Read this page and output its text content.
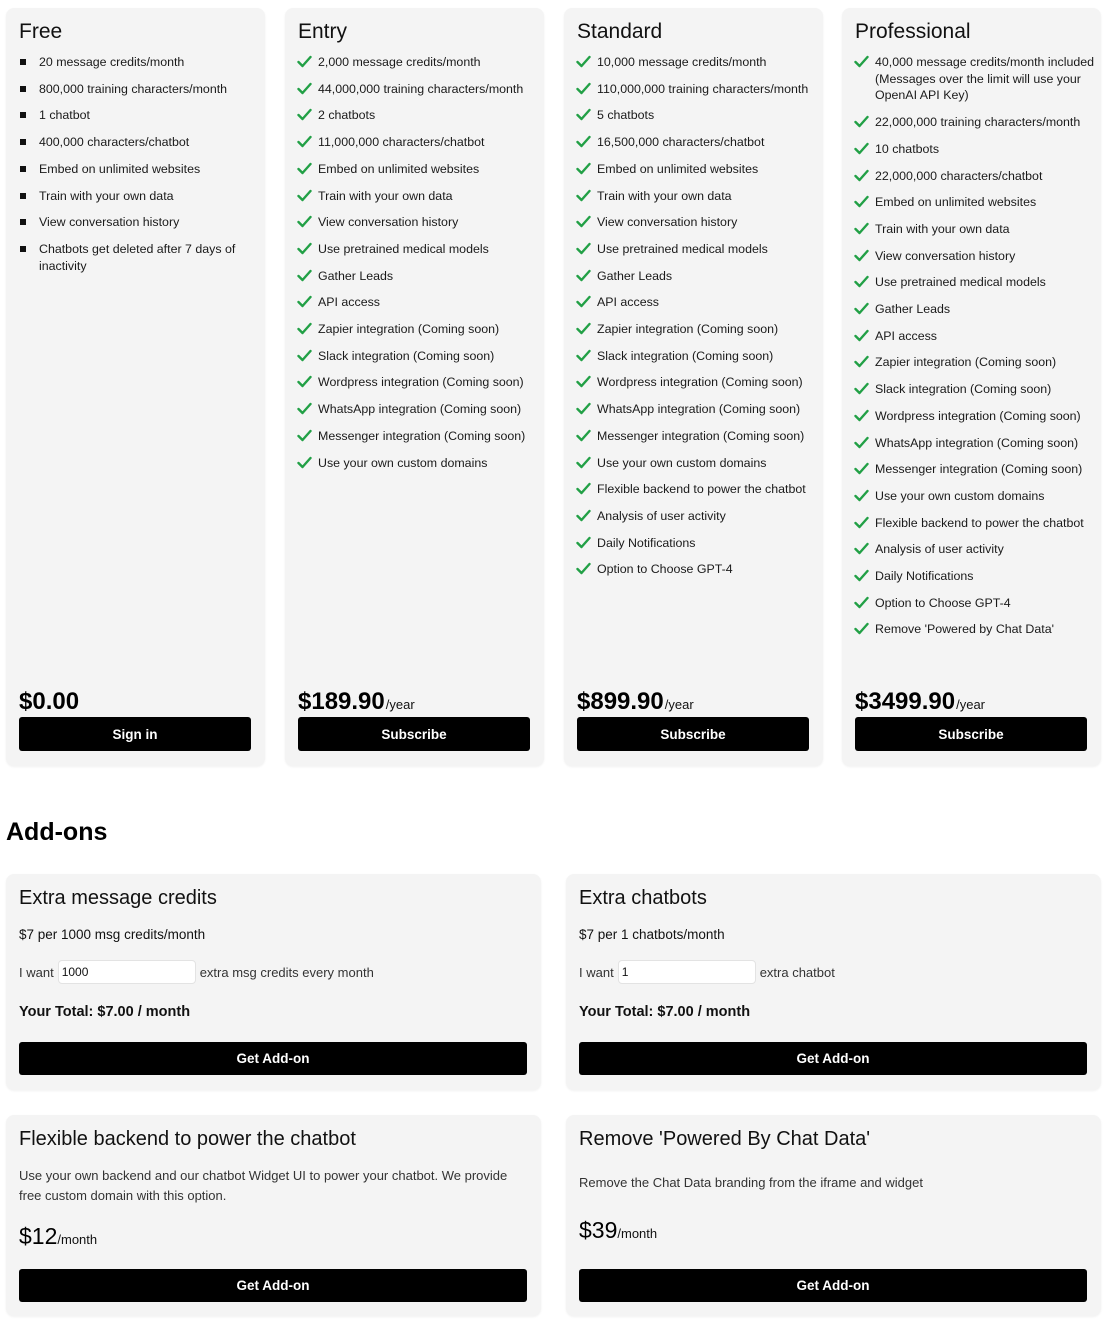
Free
20 message credits/month
800,000 training characters/month
1 chatbot
400,000 characters/chatbot
Embed on unlimited websites
Train with your own data
View conversation history
Chatbots get deleted after 7 days of inactivity
$0.00
Sign in
Entry
2,000 message credits/month
44,000,000 training characters/month
2 chatbots
11,000,000 characters/chatbot
Embed on unlimited websites
Train with your own data
View conversation history
Use pretrained medical models
Gather Leads
API access
Zapier integration (Coming soon)
Slack integration (Coming soon)
Wordpress integration (Coming soon)
WhatsApp integration (Coming soon)
Messenger integration (Coming soon)
Use your own custom domains
$189.90/year
Subscribe
Standard
10,000 message credits/month
110,000,000 training characters/month
5 chatbots
16,500,000 characters/chatbot
Embed on unlimited websites
Train with your own data
View conversation history
Use pretrained medical models
Gather Leads
API access
Zapier integration (Coming soon)
Slack integration (Coming soon)
Wordpress integration (Coming soon)
WhatsApp integration (Coming soon)
Messenger integration (Coming soon)
Use your own custom domains
Flexible backend to power the chatbot
Analysis of user activity
Daily Notifications
Option to Choose GPT-4
$899.90/year
Subscribe
Professional
40,000 message credits/month included (Messages over the limit will use your OpenAI API Key)
22,000,000 training characters/month
10 chatbots
22,000,000 characters/chatbot
Embed on unlimited websites
Train with your own data
View conversation history
Use pretrained medical models
Gather Leads
API access
Zapier integration (Coming soon)
Slack integration (Coming soon)
Wordpress integration (Coming soon)
WhatsApp integration (Coming soon)
Messenger integration (Coming soon)
Use your own custom domains
Flexible backend to power the chatbot
Analysis of user activity
Daily Notifications
Option to Choose GPT-4
Remove 'Powered by Chat Data'
$3499.90/year
Subscribe
Add-ons
Extra message credits
$7 per 1000 msg credits/month
I want
1000	extra msg credits every month
Your Total: $7.00 / month
Get Add-on
Extra chatbots
$7 per 1 chatbots/month
I want
1	extra chatbot
Your Total: $7.00 / month
Get Add-on
Flexible backend to power the chatbot
Use your own backend and our chatbot Widget UI to power your chatbot. We provide free custom domain with this option.
$12/month
Get Add-on
Remove 'Powered By Chat Data'
Remove the Chat Data branding from the iframe and widget
$39/month
Get Add-on
